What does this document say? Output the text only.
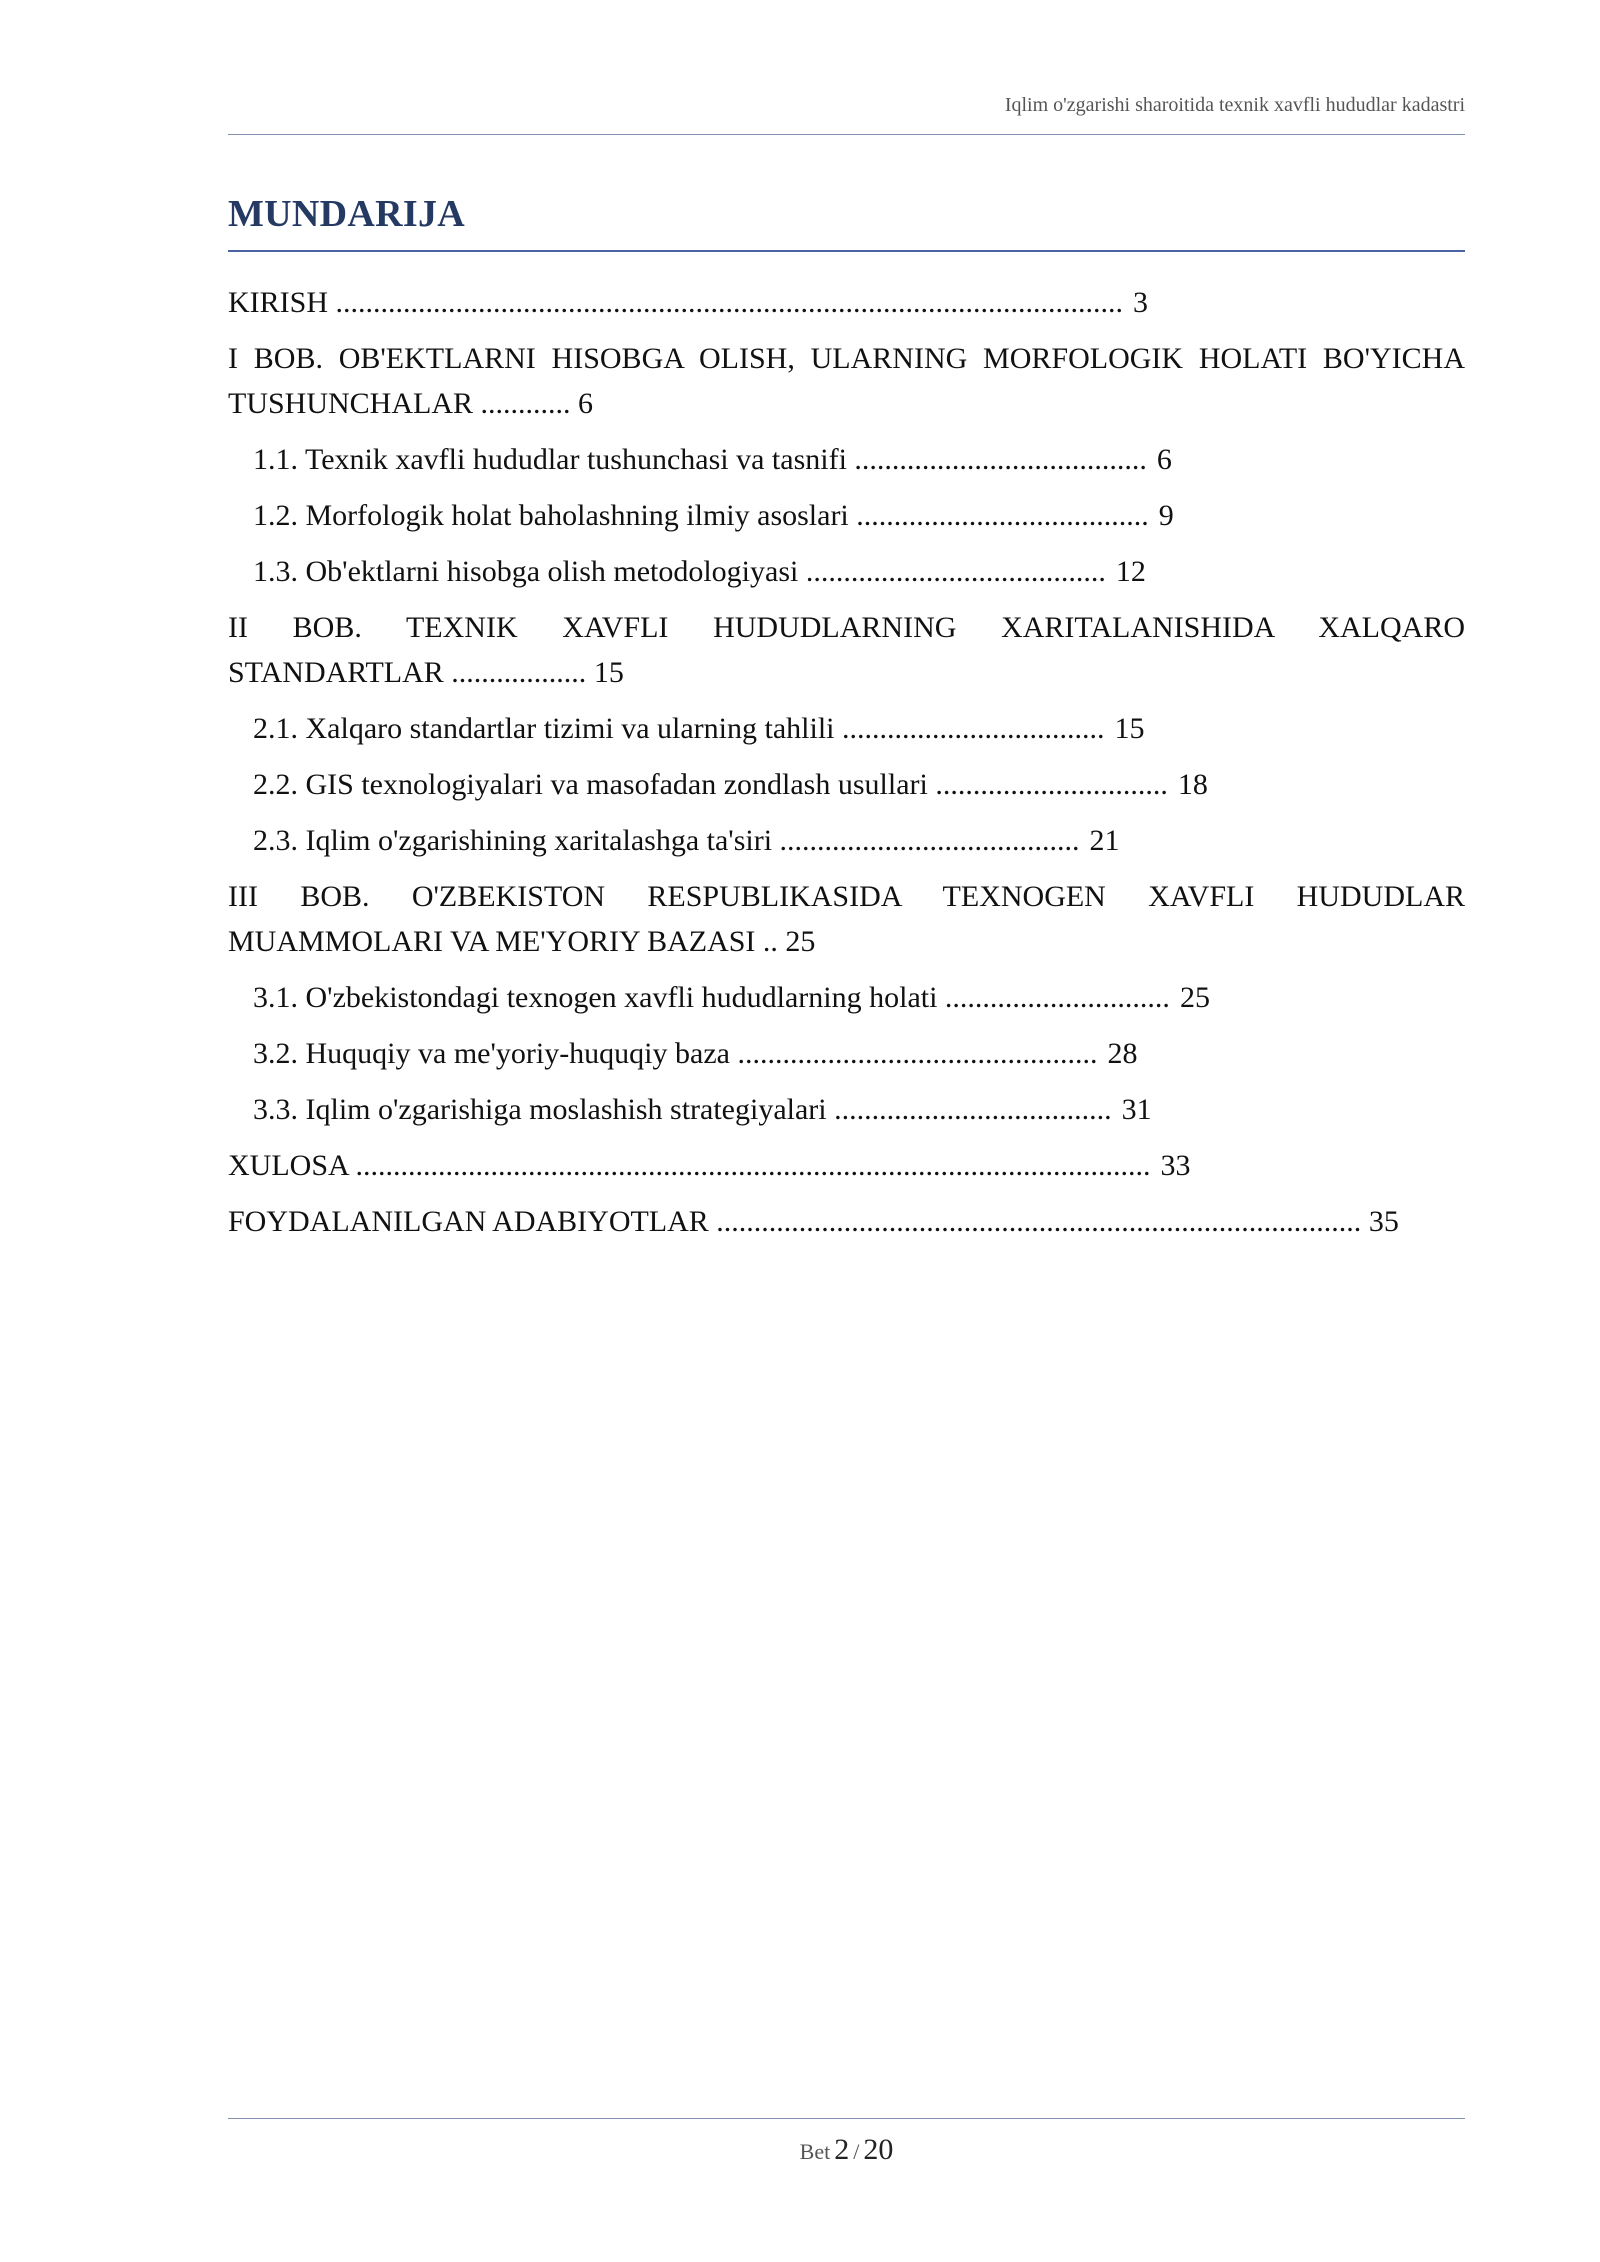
Iqlim o'zgarishi sharoitida texnik xavfli hududlar kadastri
MUNDARIJA
KIRISH ......................................................................................................... 3
I BOB. OB'EKTLARNI HISOBGA OLISH, ULARNING MORFOLOGIK HOLATI BO'YICHA TUSHUNCHALAR ............ 6
1.1. Texnik xavfli hududlar tushunchasi va tasnifi ....................................... 6
1.2. Morfologik holat baholashning ilmiy asoslari ....................................... 9
1.3. Ob'ektlarni hisobga olish metodologiyasi ........................................ 12
II BOB. TEXNIK XAVFLI HUDUDLARNING XARITALANISHIDA XALQARO STANDARTLAR .................. 15
2.1. Xalqaro standartlar tizimi va ularning tahlili ................................... 15
2.2. GIS texnologiyalari va masofadan zondlash usullari ............................... 18
2.3. Iqlim o'zgarishining xaritalashga ta'siri ........................................ 21
III BOB. O'ZBEKISTON RESPUBLIKASIDA TEXNOGEN XAVFLI HUDUDLAR MUAMMOLARI VA ME'YORIY BAZASI .. 25
3.1. O'zbekistondagi texnogen xavfli hududlarning holati .............................. 25
3.2. Huquqiy va me'yoriy-huquqiy baza ................................................ 28
3.3. Iqlim o'zgarishiga moslashish strategiyalari ..................................... 31
XULOSA .......................................................................................................... 33
FOYDALANILGAN ADABIYOTLAR ...................................................................................... 35
Bet 2 / 20
